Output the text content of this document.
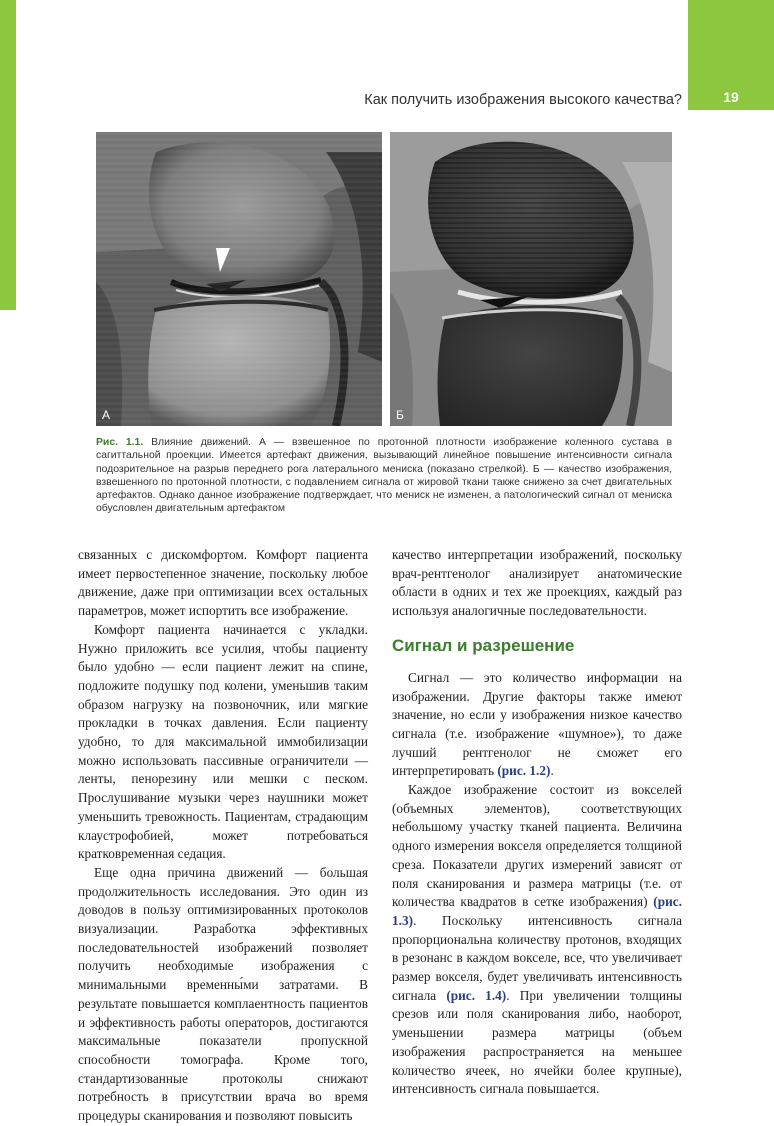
19
Как получить изображения высокого качества?
А	Б
Рис. 1.1. Влияние движений. А — взвешенное по протонной плотности изображение коленного сустава в сагиттальной проекции. Имеется артефакт движения, вызывающий линейное повышение интенсивности сигнала подозрительное на разрыв переднего рога латерального мениска (показано стрелкой). Б — качество изображения, взвешенного по протонной плотности, с подавлением сигнала от жировой ткани также снижено за счет двигательных артефактов. Однако данное изображение подтверждает, что мениск не изменен, а патологический сигнал от мениска обусловлен двигательным артефактом

связанных с дискомфортом. Комфорт пациента имеет первостепенное значение, поскольку любое движение, даже при оптимизации всех остальных параметров, может испортить все изображение.

Комфорт пациента начинается с укладки. Нужно приложить все усилия, чтобы пациенту было удобно — если пациент лежит на спине, подложите подушку под колени, уменьшив таким образом нагрузку на позвоночник, или мягкие прокладки в точках давления. Если пациенту удобно, то для максимальной иммобилизации можно использовать пассивные ограничители — ленты, пенорезину или мешки с песком. Прослушивание музыки через наушники может уменьшить тревожность. Пациентам, страдающим клаустрофобией, может потребоваться кратковременная седация.

Еще одна причина движений — большая продолжительность исследования. Это один из доводов в пользу оптимизированных протоколов визуализации. Разработка эффективных последовательностей изображений позволяет получить необходимые изображения с минимальными временны́ми затратами. В результате повышается комплаентность пациентов и эффективность работы операторов, достигаются максимальные показатели пропускной способности томографа. Кроме того, стандартизованные протоколы снижают потребность в присутствии врача во время процедуры сканирования и позволяют повысить

качество интерпретации изображений, поскольку врач-рентгенолог анализирует анатомические области в одних и тех же проекциях, каждый раз используя аналогичные последовательности.

Сигнал и разрешение

Сигнал — это количество информации на изображении. Другие факторы также имеют значение, но если у изображения низкое качество сигнала (т.е. изображение «шумное»), то даже лучший рентгенолог не сможет его интерпретировать (рис. 1.2).

Каждое изображение состоит из вокселей (объемных элементов), соответствующих небольшому участку тканей пациента. Величина одного измерения вокселя определяется толщиной среза. Показатели других измерений зависят от поля сканирования и размера матрицы (т.е. от количества квадратов в сетке изображения) (рис. 1.3). Поскольку интенсивность сигнала пропорциональна количеству протонов, входящих в резонанс в каждом вокселе, все, что увеличивает размер вокселя, будет увеличивать интенсивность сигнала (рис. 1.4). При увеличении толщины срезов или поля сканирования либо, наоборот, уменьшении размера матрицы (объем изображения распространяется на меньшее количество ячеек, но ячейки более крупные), интенсивность сигнала повышается.
